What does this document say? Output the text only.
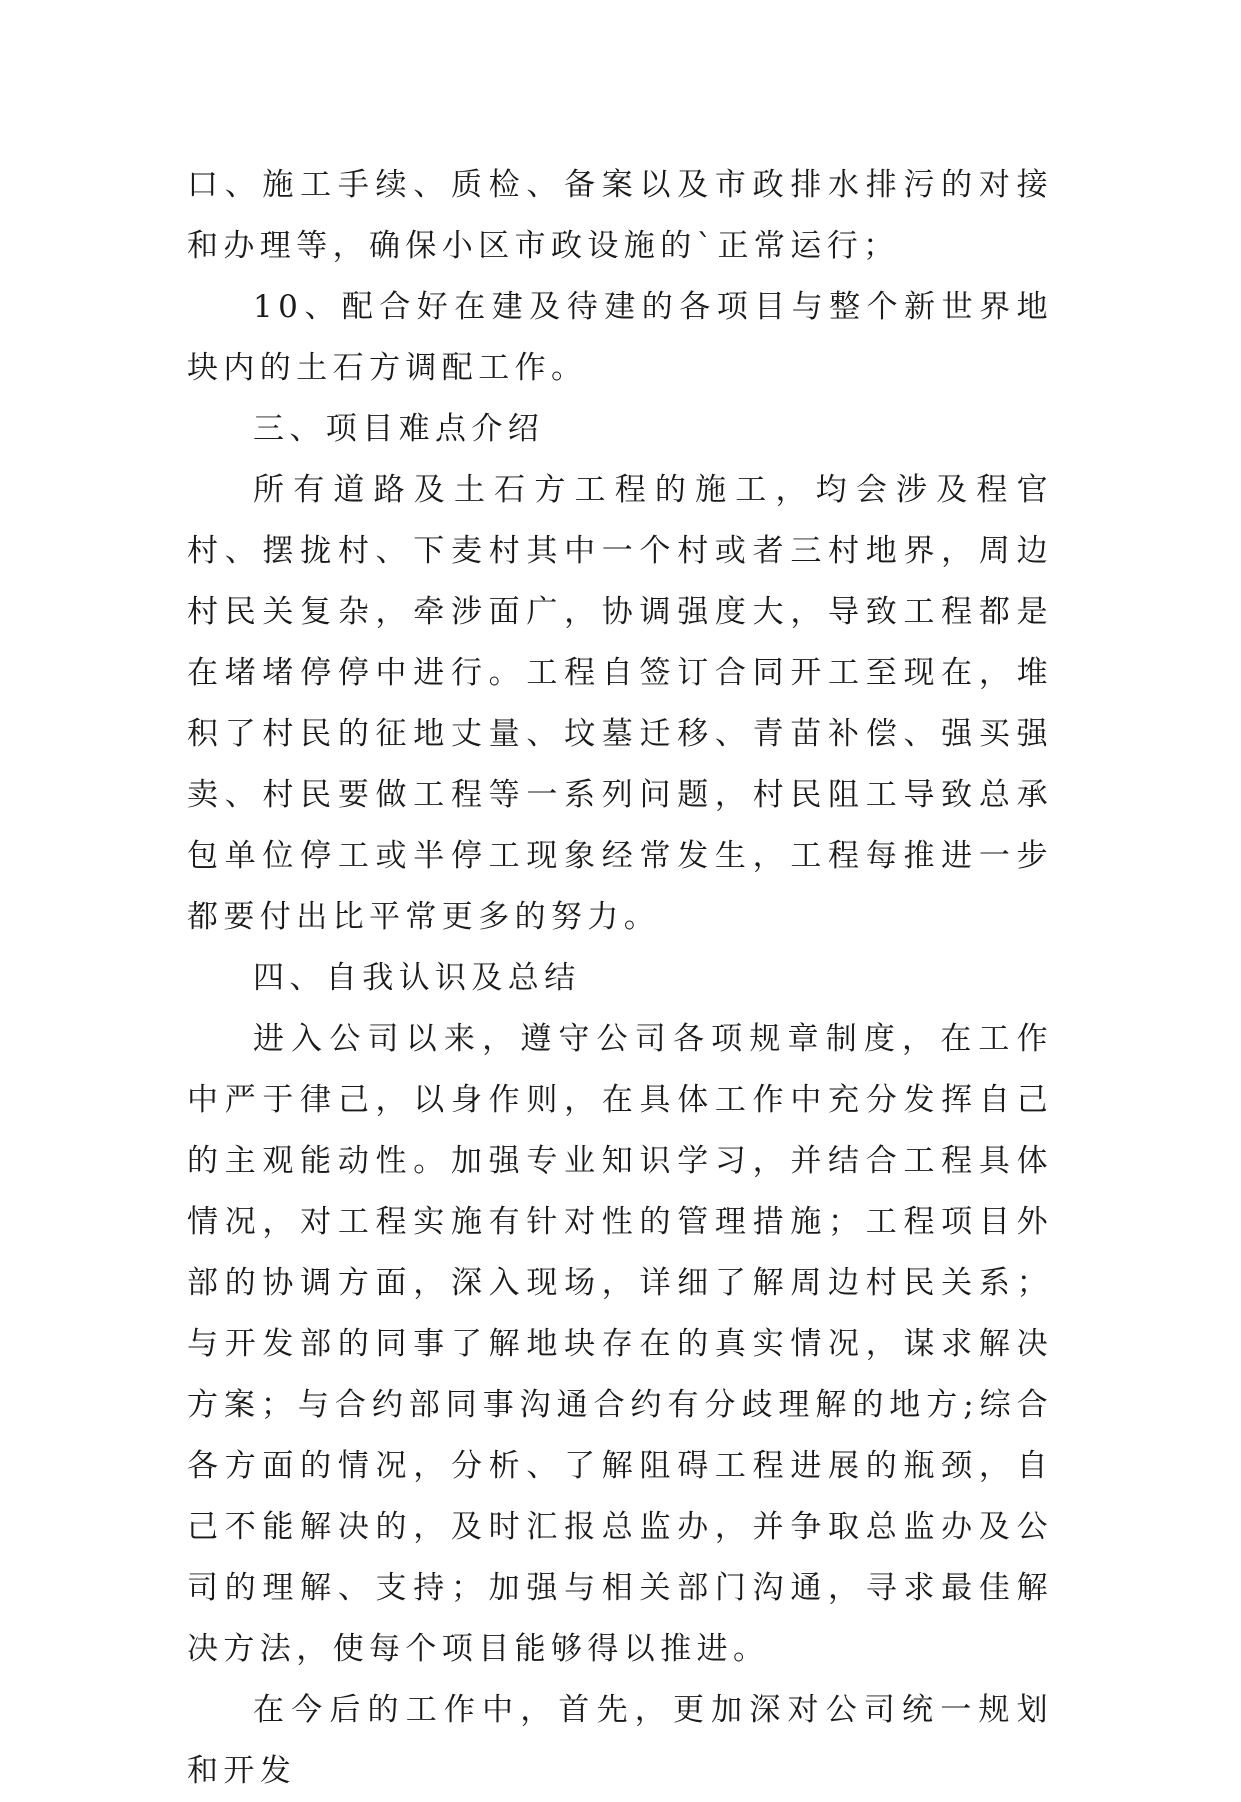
口、施工手续、质检、备案以及市政排水排污的对接和办理等，确保小区市政设施的`正常运行；

10、配合好在建及待建的各项目与整个新世界地块内的土石方调配工作。

三、项目难点介绍

所有道路及土石方工程的施工，均会涉及程官村、摆拢村、下麦村其中一个村或者三村地界，周边村民关复杂，牵涉面广，协调强度大，导致工程都是在堵堵停停中进行。工程自签订合同开工至现在，堆积了村民的征地丈量、坟墓迁移、青苗补偿、强买强卖、村民要做工程等一系列问题，村民阻工导致总承包单位停工或半停工现象经常发生，工程每推进一步都要付出比平常更多的努力。

四、自我认识及总结

进入公司以来，遵守公司各项规章制度，在工作中严于律己，以身作则，在具体工作中充分发挥自己的主观能动性。加强专业知识学习，并结合工程具体情况，对工程实施有针对性的管理措施；工程项目外部的协调方面，深入现场，详细了解周边村民关系；与开发部的同事了解地块存在的真实情况，谋求解决方案；与合约部同事沟通合约有分歧理解的地方;综合各方面的情况，分析、了解阻碍工程进展的瓶颈，自己不能解决的，及时汇报总监办，并争取总监办及公司的理解、支持；加强与相关部门沟通，寻求最佳解决方法，使每个项目能够得以推进。

在今后的工作中，首先，更加深对公司统一规划和开发
